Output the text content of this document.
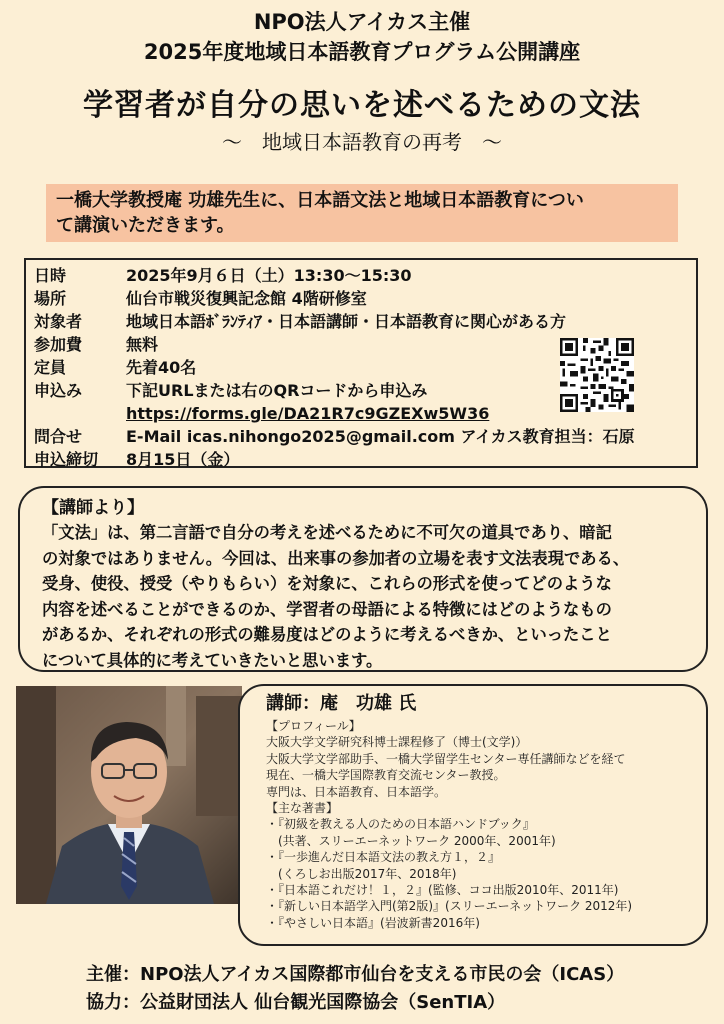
NPO法人アイカス主催
2025年度地域日本語教育プログラム公開講座
学習者が自分の思いを述べるための文法
～　地域日本語教育の再考　～
一橋大学教授庵 功雄先生に、日本語文法と地域日本語教育につい
て講演いただきます。
日時	2025年9月６日（土）13:30～15:30
場所	仙台市戦災復興記念館 4階研修室
対象者	地域日本語ﾎﾞﾗﾝﾃｨｱ・日本語講師・日本語教育に関心がある方
参加費	無料
定員	先着40名
申込み	下記URLまたは右のQRコードから申込み
https://forms.gle/DA21R7c9GZEXw5W36
問合せ	E-Mail icas.nihongo2025@gmail.com アイカス教育担当：石原
申込締切	8月15日（金）
【講師より】
「文法」は、第二言語で自分の考えを述べるために不可欠の道具であり、暗記
の対象ではありません。今回は、出来事の参加者の立場を表す文法表現である、
受身、使役、授受（やりもらい）を対象に、これらの形式を使ってどのような
内容を述べることができるのか、学習者の母語による特徴にはどのようなもの
があるか、それぞれの形式の難易度はどのように考えるべきか、といったこと
について具体的に考えていきたいと思います。
講師：庵　功雄 氏
【プロフィール】
大阪大学文学研究科博士課程修了（博士(文学)）
大阪大学文学部助手、一橋大学留学生センター専任講師などを経て
現在、一橋大学国際教育交流センター教授。
専門は、日本語教育、日本語学。
【主な著書】
・『初級を教える人のための日本語ハンドブック』
　(共著、スリーエーネットワーク 2000年、2001年)
・『一歩進んだ日本語文法の教え方１，２』
　(くろしお出版2017年、2018年)
・『日本語これだけ！１，２』(監修、ココ出版2010年、2011年)
・『新しい日本語学入門(第2版)』(スリーエーネットワーク 2012年)
・『やさしい日本語』(岩波新書2016年)
主催：NPO法人アイカス国際都市仙台を支える市民の会（ICAS）
協力：公益財団法人 仙台観光国際協会（SenTIA）
